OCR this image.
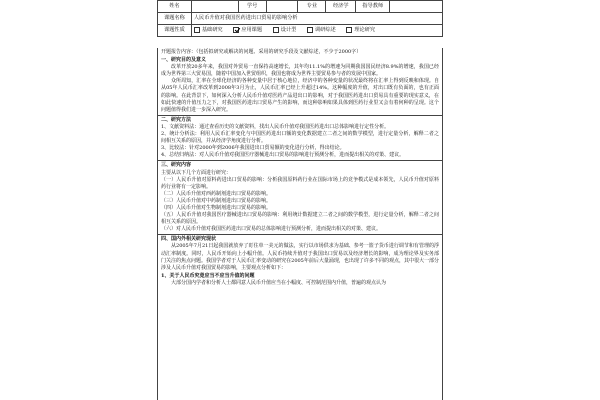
姓名		学号		专业	经济学	指导教师	
课题名称	人民币升值对我国医药进出口贸易的影响分析						
课题性质	基础研究 应用课题 设计型 调研综述 理论研究						
开题报告内容：（包括拟研究或解决的问题、采用的研究手段及文献综述，不少于2000字）
一、研究目的及意义
改革开放20多年来，我国对外贸易一直保持高速增长，其年均11.1%的增速为同期我国国民经济8.9%的增速，我国已经成为世界第三大贸易国，随着中国加入世贸组织，我国也将成为世界主要贸易参与者的发展中国家。
众所周知，汇率在全球化经济的各种变量中居于核心地位，经济中的各种变量的状况最终将在汇率上得到反映和体现。自从05年人民币汇率改革到2008年3月为止，人民币汇率已经上升超过14%。这种幅度的升值，对出口既有负面的，也有正面的影响。在此背景下，如何深入分析人民币升值对医药产品进出口的影响，对于我国医药进出口贸易具有重要的现实意义，在如此快速的升值压力之下，对我国医药进出口贸易产生的影响，而这种影响如果具体到医药行业里又会有着何种的呈现。这个问题值得我们进一步深入研究。
二、研究方法
1、文献资料法：通过查看历史的文献资料，找出人民币升值对我国医药进出口总体影响进行定性分析。
2、统计分析法：利用人民币汇率变化与中国医药进出口额的变化数据建立二者之间的数学模型，进行定量分析，解释二者之间相互关系的原因，并从经济学角度进行分析。
3、比较法：针对2000年到2006年我国进出口贸易额的变化进行分析，得出结论。
4、总结归纳法：对人民币升值对我国医疗器械进出口贸易的影响进行预测分析，进而提出相关的对策、建议。
三、研究内容
主要从以下几个方面进行研究：
（一）人民币升值对原料药进出口贸易的影响：分析我国原料药行业在国际市场上的竞争模式是成本领先，人民币升值对原料药行业将有一定影响。
（二）人民币升值对西药制剂进出口贸易的影响。
（三）人民币升值对中药制剂进出口贸易的影响。
（四）人民币升值对生物制剂进出口贸易的影响。
（五）人民币升值对我国医疗器械进出口贸易的影响：利用统计数据建立二者之间的数学模型，进行定量分析，解释二者之间相互关系的原因。
（六）对人民币升值对我国医药进出口贸易的总体影响进行预测分析，进而提出相关的对策、建议。
四、国内外相关研究现状
从2005年7月21日起我国就放弃了盯住单一美元的做法，实行以市场供求为基础、参考一篮子货币进行调节和有管理的浮动汇率制度。同时，人民币开始向上小幅升值。人民币持续升值对于我国出口贸易以及经济增长的影响，成为理论界及实务部门关注的焦点问题。我国学者对于人民币汇率变动的研究在2005年前后大量涌现，也出现了许多不同的观点，其中很大一部分涉及人民币升值对我国贸易的影响，主要观点分析如下：
1、关于人民币究竟应当不应当升值的问题
大部分国内学者和分析人士都同意人民币升值应当在小幅度、可控制范围内升值，普遍的观点认为
